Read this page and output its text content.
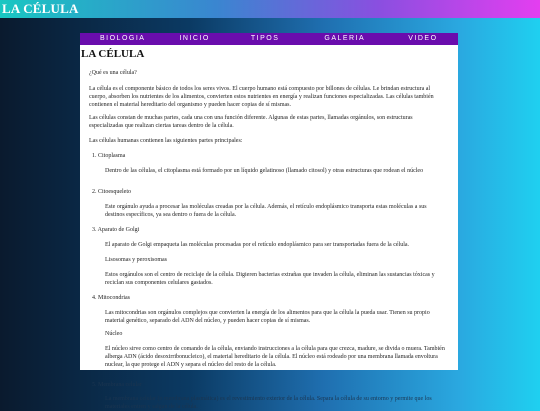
LA CÉLULA
BIOLOGIA	INICIO	TIPOS	GALERIA	VIDEO
LA CÉLULA

¿Qué es una célula?

La célula es el componente básico de todos los seres vivos. El cuerpo humano está compuesto por billones de células. Le brindan estructura al cuerpo, absorben los nutrientes de los alimentos, convierten estos nutrientes en energía y realizan funciones especializadas. Las células también contienen el material hereditario del organismo y pueden hacer copias de sí mismas.

Las células constan de muchas partes, cada una con una función diferente. Algunas de estas partes, llamadas orgánulos, son estructuras especializadas que realizan ciertas tareas dentro de la célula.

Las células humanas contienen las siguientes partes principales:

1. Citoplasma

Dentro de las células, el citoplasma está formado por un líquido gelatinoso (llamado citosol) y otras estructuras que rodean el núcleo

2. Citoesqueleto

Este orgánulo ayuda a procesar las moléculas creadas por la célula. Además, el retículo endoplásmico transporta estas moléculas a sus destinos específicos, ya sea dentro o fuera de la célula.

3. Aparato de Golgi

El aparato de Golgi empaqueta las moléculas procesadas por el retículo endoplásmico para ser transportadas fuera de la célula.

Lisosomas y peroxisomas

Estos orgánulos son el centro de reciclaje de la célula. Digieren bacterias extrañas que invaden la célula, eliminan las sustancias tóxicas y reciclan sus componentes celulares gastados.

4. Mitocondrias

Las mitocondrias son orgánulos complejos que convierten la energía de los alimentos para que la célula la pueda usar. Tienen su propio material genético, separado del ADN del núcleo, y pueden hacer copias de sí mismas.

Núcleo

El núcleo sirve como centro de comando de la célula, enviando instrucciones a la célula para que crezca, madure, se divida o muera. También alberga ADN (ácido desoxirribonucleico), el material hereditario de la célula. El núcleo está rodeado por una membrana llamada envoltura nuclear, la que protege el ADN y separa el núcleo del resto de la célula.

5. Membrana celular

La membrana celular (o membrana plasmática) es el revestimiento exterior de la célula. Separa la célula de su entorno y permite que los materiales entren y salgan de la célula.
